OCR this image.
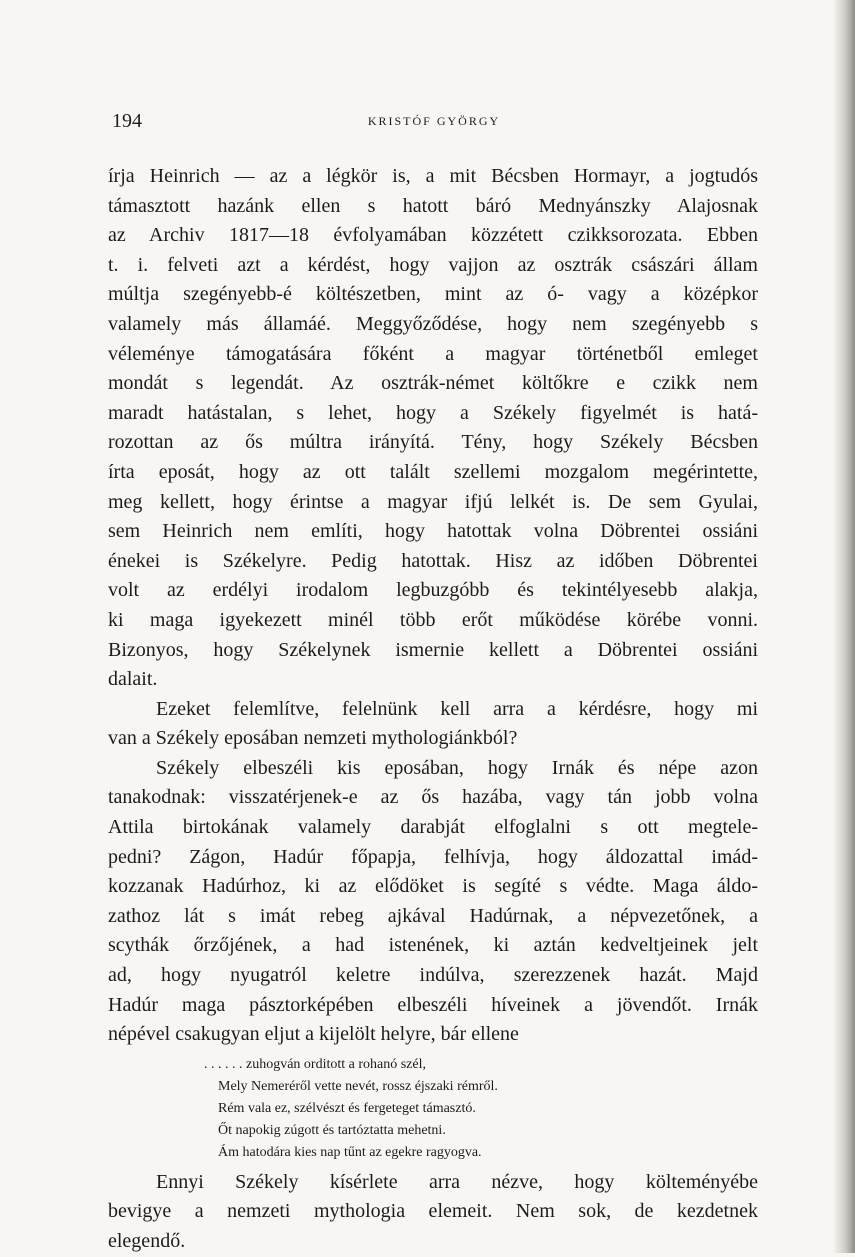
194	KRISTÓF GYÖRGY
írja Heinrich — az a légkör is, a mit Bécsben Hormayr, a jogtudós
támasztott hazánk ellen s hatott báró Mednyánszky Alajosnak
az Archiv 1817—18 évfolyamában közzétett czikksorozata. Ebben
t. i. felveti azt a kérdést, hogy vajjon az osztrák császári állam
múltja szegényebb-é költészetben, mint az ó- vagy a középkor
valamely más államáé. Meggyőződése, hogy nem szegényebb s
véleménye támogatására főként a magyar történetből emleget
mondát s legendát. Az osztrák-német költőkre e czikk nem
maradt hatástalan, s lehet, hogy a Székely figyelmét is hatá-
rozottan az ős múltra irányítá. Tény, hogy Székely Bécsben
írta eposát, hogy az ott talált szellemi mozgalom megérintette,
meg kellett, hogy érintse a magyar ifjú lelkét is. De sem Gyulai,
sem Heinrich nem említi, hogy hatottak volna Döbrentei ossiáni
énekei is Székelyre. Pedig hatottak. Hisz az időben Döbrentei
volt az erdélyi irodalom legbuzgóbb és tekintélyesebb alakja,
ki maga igyekezett minél több erőt működése körébe vonni.
Bizonyos, hogy Székelynek ismernie kellett a Döbrentei ossiáni
dalait.
Ezeket felemlítve, felelnünk kell arra a kérdésre, hogy mi
van a Székely eposában nemzeti mythologiánkból?
Székely elbeszéli kis eposában, hogy Irnák és népe azon
tanakodnak: visszatérjenek-e az ős hazába, vagy tán jobb volna
Attila birtokának valamely darabját elfoglalni s ott megtele-
pedni? Zágon, Hadúr főpapja, felhívja, hogy áldozattal imád-
kozzanak Hadúrhoz, ki az elődöket is segíté s védte. Maga áldo-
zathoz lát s imát rebeg ajkával Hadúrnak, a népvezetőnek, a
scythák őrzőjének, a had istenének, ki aztán kedveltjeinek jelt
ad, hogy nyugatról keletre indúlva, szerezzenek hazát. Majd
Hadúr maga pásztorképében elbeszéli híveinek a jövendőt. Irnák
népével csakugyan eljut a kijelölt helyre, bár ellene
. . . . . . zuhogván orditott a rohanó szél,
Mely Nemeréről vette nevét, rossz éjszaki rémről.
Rém vala ez, szélvészt és fergeteget támasztó.
Őt napokig zúgott és tartóztatta mehetni.
Ám hatodára kies nap tűnt az egekre ragyogva.
Ennyi Székely kísérlete arra nézve, hogy költeményébe
bevigye a nemzeti mythologia elemeit. Nem sok, de kezdetnek
elegendő.
